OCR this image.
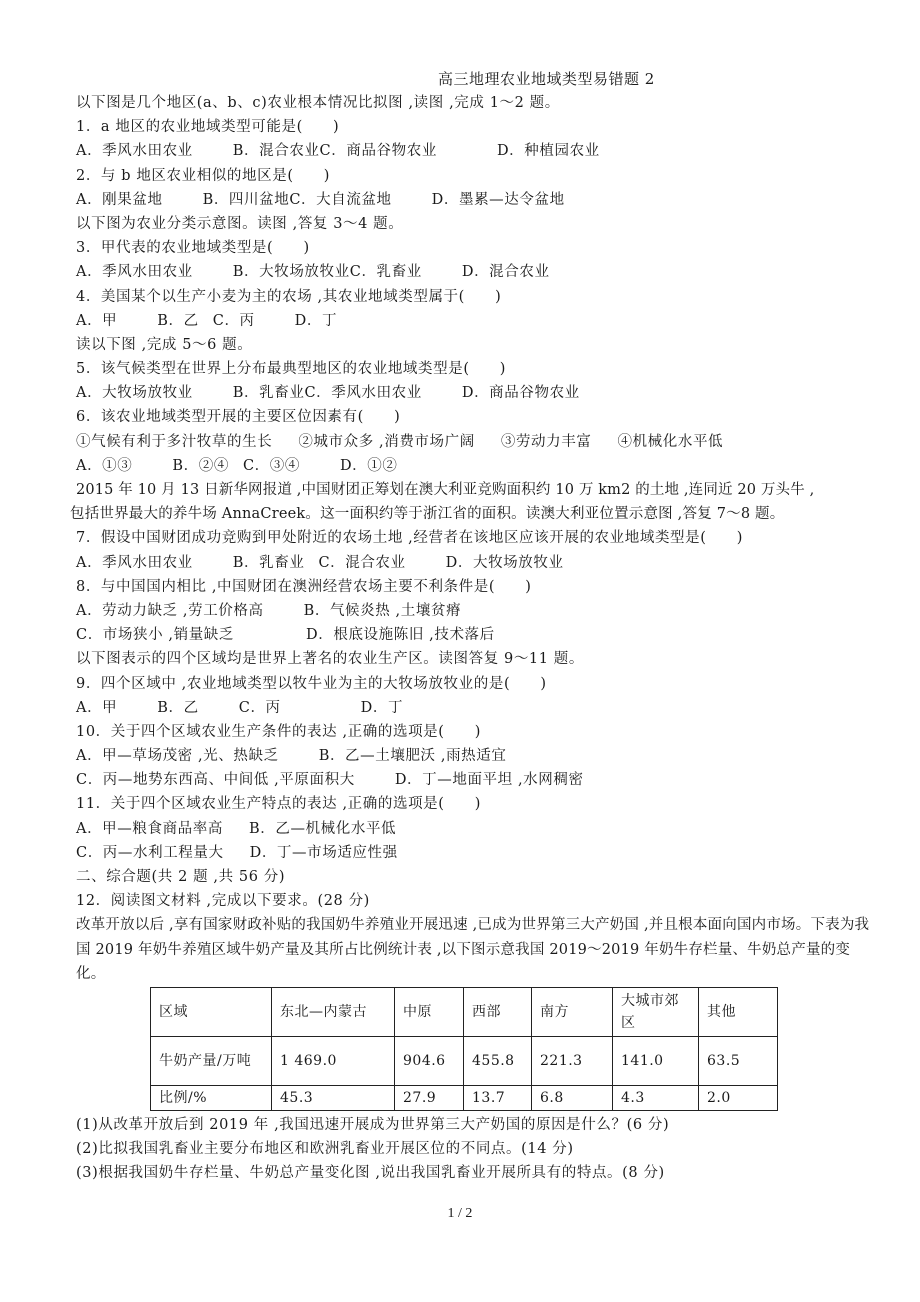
高三地理农业地域类型易错题 2
以下图是几个地区(a、b、c)农业根本情况比拟图 ,读图 ,完成 1～2 题。
1．a 地区的农业地域类型可能是(　　)
A．季风水田农业	B．混合农业C．商品谷物农业	D．种植园农业
2．与 b 地区农业相似的地区是(　　)
A．刚果盆地	B．四川盆地C．大自流盆地	D．墨累—达令盆地
以下图为农业分类示意图。读图 ,答复 3～4 题。
3．甲代表的农业地域类型是(　　)
A．季风水田农业	B．大牧场放牧业C．乳畜业	D．混合农业
4．美国某个以生产小麦为主的农场 ,其农业地域类型属于(　　)
A．甲	B．乙 C．丙	D．丁
读以下图 ,完成 5～6 题。
5．该气候类型在世界上分布最典型地区的农业地域类型是(　　)
A．大牧场放牧业	B．乳畜业C．季风水田农业	D．商品谷物农业
6．该农业地域类型开展的主要区位因素有(　　)
①气候有利于多汁牧草的生长 ②城市众多 ,消费市场广阔 ③劳动力丰富 ④机械化水平低
A．①③	B．②④ C．③④	D．①②
2015 年 10 月 13 日新华网报道 ,中国财团正筹划在澳大利亚竞购面积约 10 万 km2 的土地 ,连同近 20 万头牛 ,
包括世界最大的养牛场 AnnaCreek。这一面积约等于浙江省的面积。读澳大利亚位置示意图 ,答复 7～8 题。
7．假设中国财团成功竞购到甲处附近的农场土地 ,经营者在该地区应该开展的农业地域类型是(　　)
A．季风水田农业	B．乳畜业 C．混合农业	D．大牧场放牧业
8．与中国国内相比 ,中国财团在澳洲经营农场主要不利条件是(　　)
A．劳动力缺乏 ,劳工价格高	B．气候炎热 ,土壤贫瘠
C．市场狭小 ,销量缺乏	D．根底设施陈旧 ,技术落后
以下图表示的四个区域均是世界上著名的农业生产区。读图答复 9～11 题。
9．四个区域中 ,农业地域类型以牧牛业为主的大牧场放牧业的是(　　)
A．甲	B．乙	C．丙	D．丁
10．关于四个区域农业生产条件的表达 ,正确的选项是(　　)
A．甲—草场茂密 ,光、热缺乏	B．乙—土壤肥沃 ,雨热适宜
C．丙—地势东西高、中间低 ,平原面积大	D．丁—地面平坦 ,水网稠密
11．关于四个区域农业生产特点的表达 ,正确的选项是(　　)
A．甲—粮食商品率高 B．乙—机械化水平低
C．丙—水利工程量大 D．丁—市场适应性强
二、综合题(共 2 题 ,共 56 分)
12．阅读图文材料 ,完成以下要求。(28 分)
改革开放以后 ,享有国家财政补贴的我国奶牛养殖业开展迅速 ,已成为世界第三大产奶国 ,并且根本面向国内市场。下表为我国 2019 年奶牛养殖区域牛奶产量及其所占比例统计表 ,以下图示意我国 2019～2019 年奶牛存栏量、牛奶总产量的变化。
区域	东北—内蒙古	中原	西部	南方	大城市郊区	其他
牛奶产量/万吨	1 469.0	904.6	455.8	221.3	141.0	63.5
比例/%	45.3	27.9	13.7	6.8	4.3	2.0
(1)从改革开放后到 2019 年 ,我国迅速开展成为世界第三大产奶国的原因是什么？(6 分)
(2)比拟我国乳畜业主要分布地区和欧洲乳畜业开展区位的不同点。(14 分)
(3)根据我国奶牛存栏量、牛奶总产量变化图 ,说出我国乳畜业开展所具有的特点。(8 分)
1 / 2
